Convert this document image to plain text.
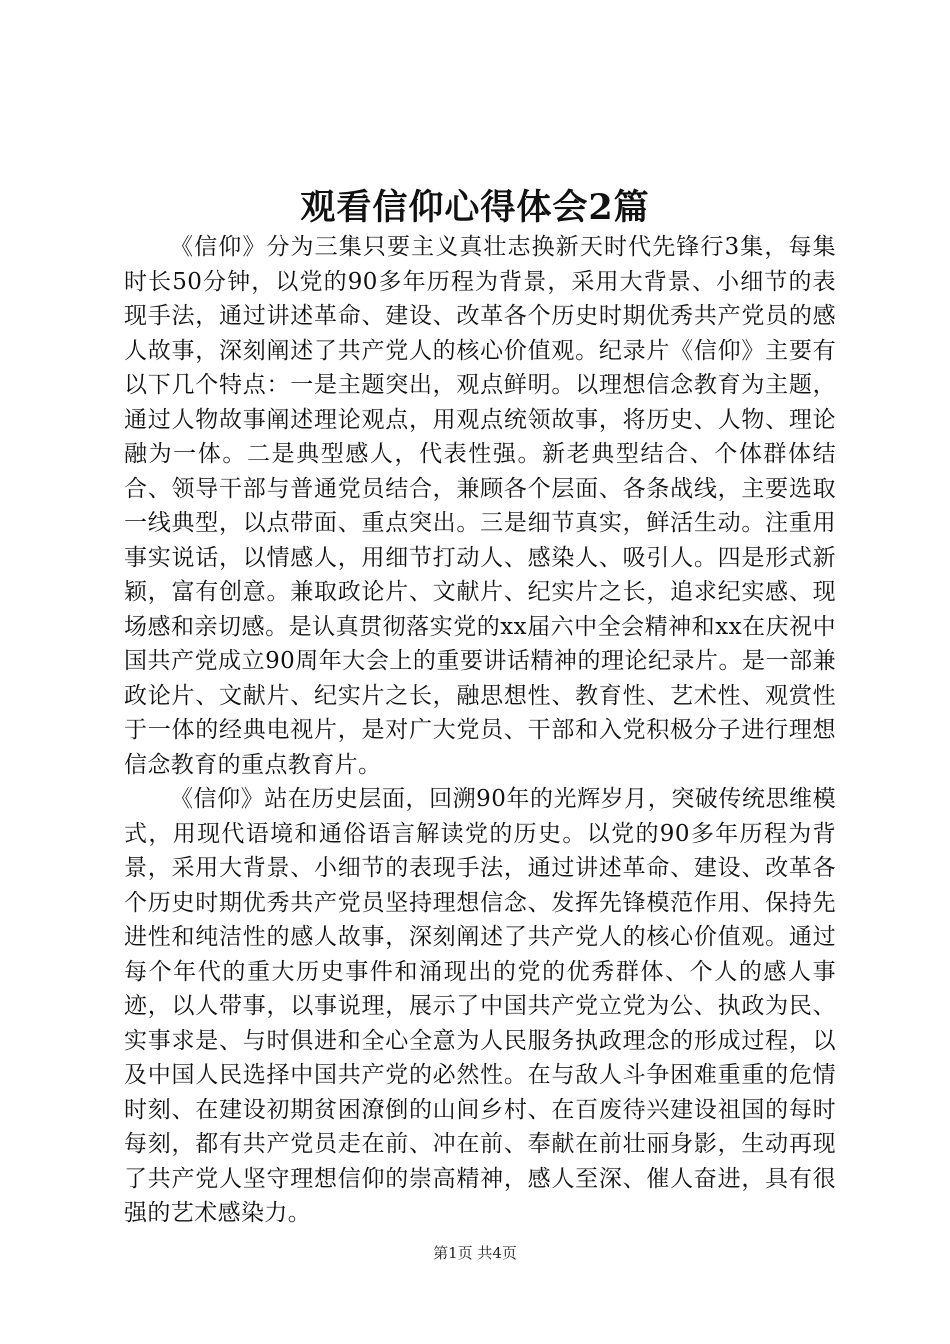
观看信仰心得体会2篇

《信仰》分为三集只要主义真壮志换新天时代先锋行3集，每集时长50分钟，以党的90多年历程为背景，采用大背景、小细节的表现手法，通过讲述革命、建设、改革各个历史时期优秀共产党员的感人故事，深刻阐述了共产党人的核心价值观。纪录片《信仰》主要有以下几个特点：一是主题突出，观点鲜明。以理想信念教育为主题，通过人物故事阐述理论观点，用观点统领故事，将历史、人物、理论融为一体。二是典型感人，代表性强。新老典型结合、个体群体结合、领导干部与普通党员结合，兼顾各个层面、各条战线，主要选取一线典型，以点带面、重点突出。三是细节真实，鲜活生动。注重用事实说话，以情感人，用细节打动人、感染人、吸引人。四是形式新颖，富有创意。兼取政论片、文献片、纪实片之长，追求纪实感、现场感和亲切感。是认真贯彻落实党的xx届六中全会精神和xx在庆祝中国共产党成立90周年大会上的重要讲话精神的理论纪录片。是一部兼政论片、文献片、纪实片之长，融思想性、教育性、艺术性、观赏性于一体的经典电视片，是对广大党员、干部和入党积极分子进行理想信念教育的重点教育片。

《信仰》站在历史层面，回溯90年的光辉岁月，突破传统思维模式，用现代语境和通俗语言解读党的历史。以党的90多年历程为背景，采用大背景、小细节的表现手法，通过讲述革命、建设、改革各个历史时期优秀共产党员坚持理想信念、发挥先锋模范作用、保持先进性和纯洁性的感人故事，深刻阐述了共产党人的核心价值观。通过每个年代的重大历史事件和涌现出的党的优秀群体、个人的感人事迹，以人带事，以事说理，展示了中国共产党立党为公、执政为民、实事求是、与时俱进和全心全意为人民服务执政理念的形成过程，以及中国人民选择中国共产党的必然性。在与敌人斗争困难重重的危情时刻、在建设初期贫困潦倒的山间乡村、在百废待兴建设祖国的每时每刻，都有共产党员走在前、冲在前、奉献在前壮丽身影，生动再现了共产党人坚守理想信仰的崇高精神，感人至深、催人奋进，具有很强的艺术感染力。

第1页 共4页
